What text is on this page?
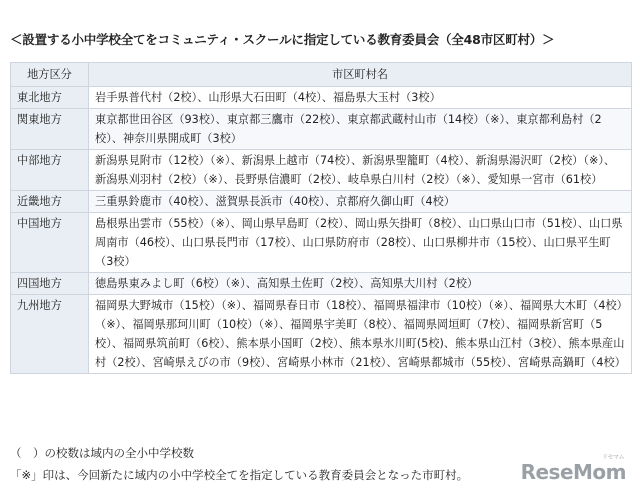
＜設置する小中学校全てをコミュニティ・スクールに指定している教育委員会（全48市区町村）＞
地方区分	市区町村名
東北地方	岩手県普代村（2校）、山形県大石田町（4校）、福島県大玉村（3校）
関東地方	東京都世田谷区（93校）、東京都三鷹市（22校）、東京都武蔵村山市（14校）（※）、東京都利島村（2校）、神奈川県開成町（3校）
中部地方	新潟県見附市（12校）（※）、新潟県上越市（74校）、新潟県聖籠町（4校）、新潟県湯沢町（2校）（※）、新潟県刈羽村（2校）（※）、長野県信濃町（2校）、岐阜県白川村（2校）（※）、愛知県一宮市（61校）
近畿地方	三重県鈴鹿市（40校）、滋賀県長浜市（40校）、京都府久御山町（4校）
中国地方	島根県出雲市（55校）（※）、岡山県早島町（2校）、岡山県矢掛町（8校）、山口県山口市（51校）、山口県周南市（46校）、山口県長門市（17校）、山口県防府市（28校）、山口県柳井市（15校）、山口県平生町（3校）
四国地方	徳島県東みよし町（6校）（※）、高知県土佐町（2校）、高知県大川村（2校）
九州地方	福岡県大野城市（15校）（※）、福岡県春日市（18校）、福岡県福津市（10校）（※）、福岡県大木町（4校）（※）、福岡県那珂川町（10校）（※）、福岡県宇美町（8校）、福岡県岡垣町（7校）、福岡県新宮町（5校）、福岡県筑前町（6校）、熊本県小国町（2校）、熊本県氷川町(5校)、熊本県山江村（3校）、熊本県産山村（2校）、宮崎県えびの市（9校）、宮崎県小林市（21校）、宮崎県都城市（55校）、宮崎県高鍋町（4校）
（　）の校数は域内の全小中学校数
「※」印は、今回新たに域内の小中学校全てを指定している教育委員会となった市町村。	ReseMom
リセマム
